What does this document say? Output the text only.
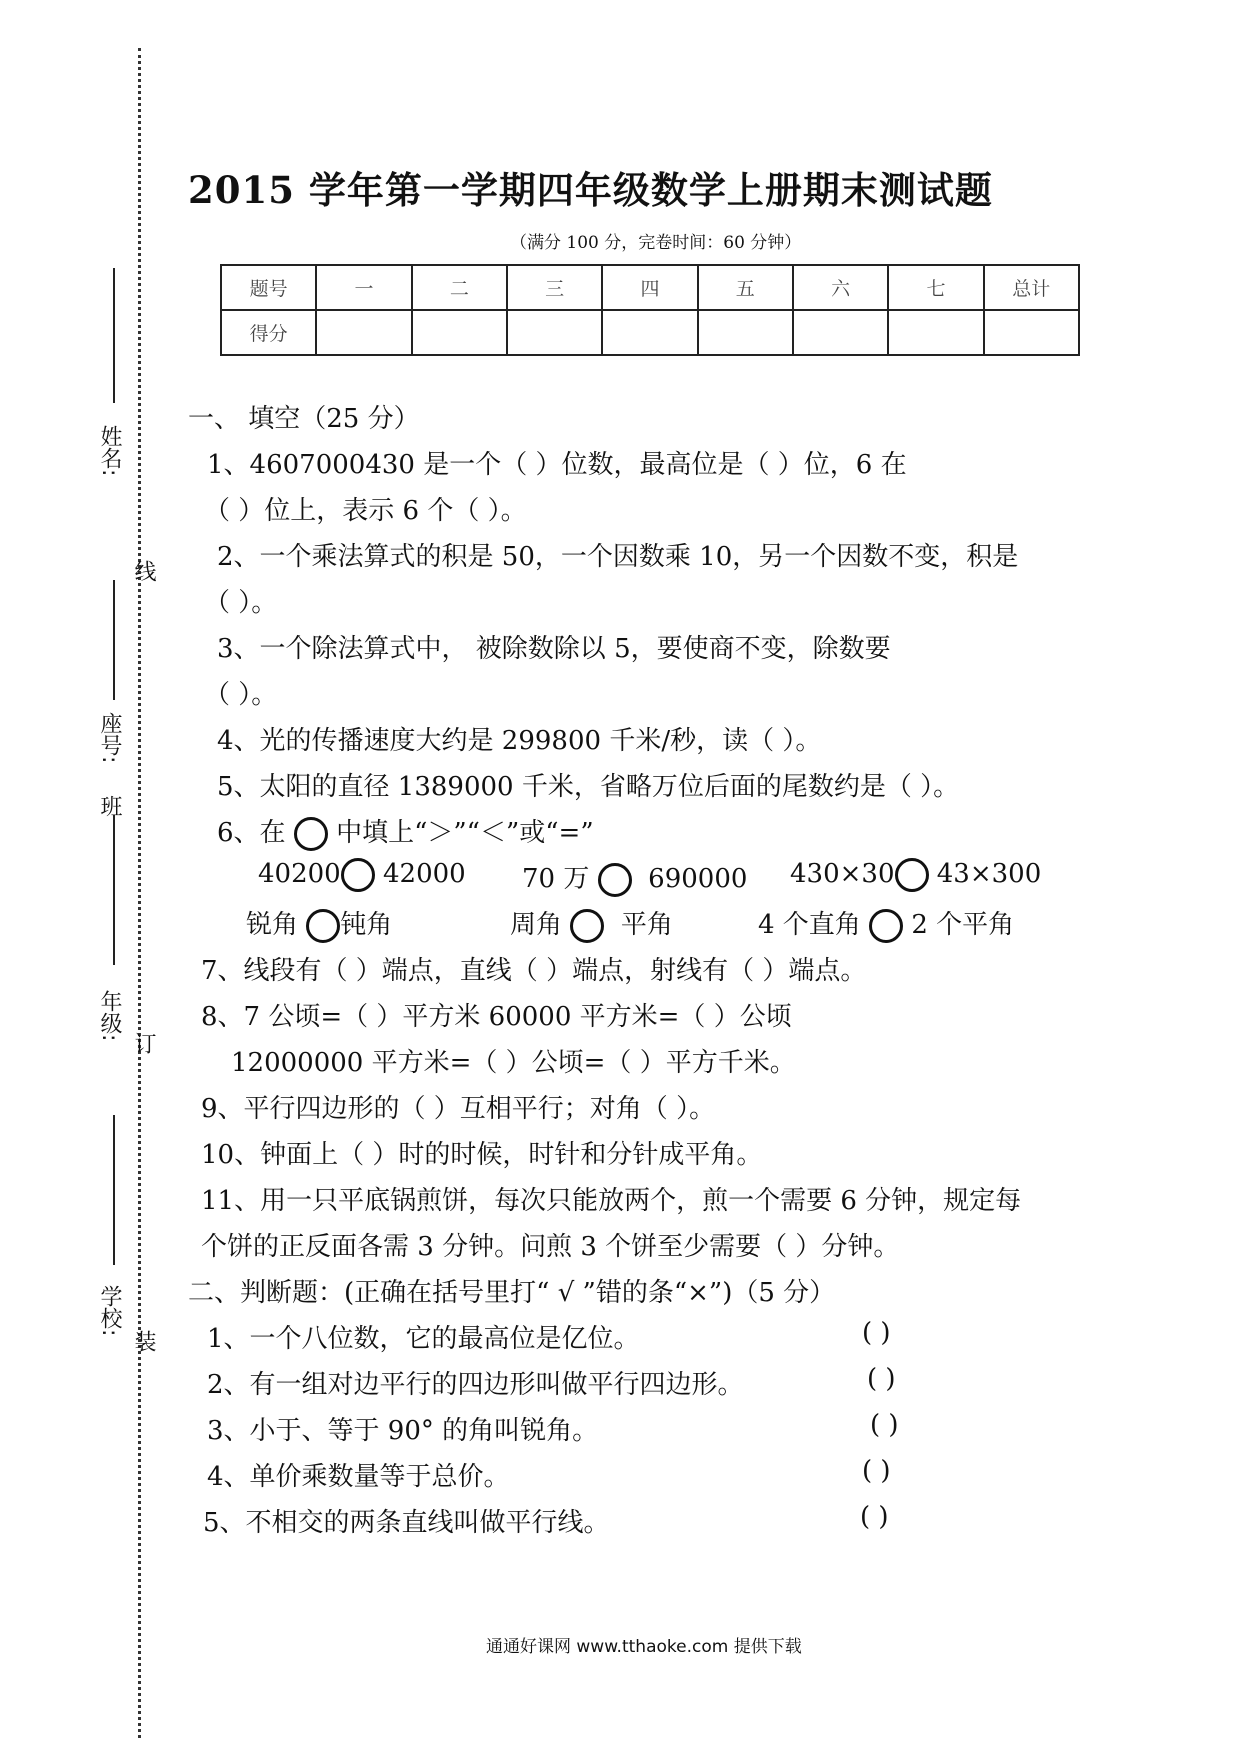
姓名:
线
座号:
班
年级:
订
学校:
装
2015 学年第一学期四年级数学上册期末测试题
（满分 100 分，完卷时间：60 分钟）
题号	一	二	三	四	五	六	七	总计
得分								
一、 填空（25 分）
1、4607000430 是一个（ ）位数，最高位是（ ）位，6 在
（ ）位上，表示 6 个（ ）。
2、一个乘法算式的积是 50，一个因数乘 10，另一个因数不变，积是
（ ）。
3、一个除法算式中， 被除数除以 5，要使商不变，除数要
（ ）。
4、光的传播速度大约是 299800 千米/秒，读（ ）。
5、太阳的直径 1389000 千米，省略万位后面的尾数约是（ ）。
6、在 中填上“＞”“＜”或“=”
40200 42000 70 万 690000 430×30 43×300
锐角 钝角	周角 平角	4 个直角 2 个平角
7、线段有（ ）端点，直线（ ）端点，射线有（ ）端点。
8、7 公顷=（ ）平方米 60000 平方米=（ ）公顷
12000000 平方米=（ ）公顷=（ ）平方千米。
9、平行四边形的（ ）互相平行；对角（ ）。
10、钟面上（ ）时的时候，时针和分针成平角。
11、用一只平底锅煎饼，每次只能放两个，煎一个需要 6 分钟，规定每
个饼的正反面各需 3 分钟。问煎 3 个饼至少需要（ ）分钟。
二、判断题：(正确在括号里打“ √ ”错的条“×”)（5 分）
1、一个八位数，它的最高位是亿位。	( )
2、有一组对边平行的四边形叫做平行四边形。	( )
3、小于、等于 90° 的角叫锐角。	( )
4、单价乘数量等于总价。	( )
5、不相交的两条直线叫做平行线。	( )
通通好课网 www.tthaoke.com 提供下载
